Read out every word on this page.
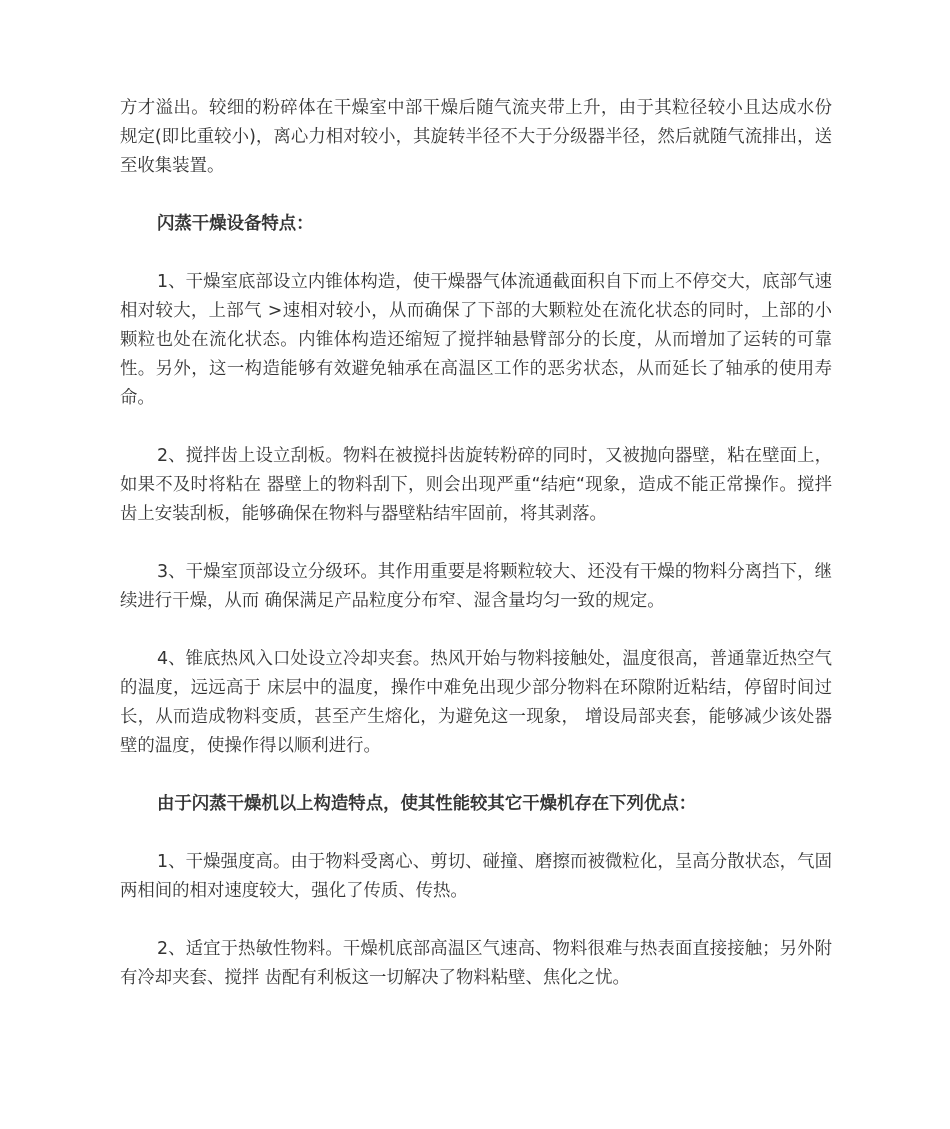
方才溢出。较细的粉碎体在干燥室中部干燥后随气流夹带上升，由于其粒径较小且达成水份规定(即比重较小)，离心力相对较小，其旋转半径不大于分级器半径，然后就随气流排出，送至收集装置。

闪蒸干燥设备特点：

1、干燥室底部设立内锥体构造，使干燥器气体流通截面积自下而上不停交大，底部气速相对较大，上部气 >速相对较小，从而确保了下部的大颗粒处在流化状态的同时，上部的小颗粒也处在流化状态。内锥体构造还缩短了搅拌轴悬臂部分的长度，从而增加了运转的可靠性。另外，这一构造能够有效避免轴承在高温区工作的恶劣状态，从而延长了轴承的使用寿命。

2、搅拌齿上设立刮板。物料在被搅抖齿旋转粉碎的同时，又被抛向器壁，粘在壁面上，如果不及时将粘在 器壁上的物料刮下，则会出现严重“结疤“现象，造成不能正常操作。搅拌齿上安装刮板，能够确保在物料与器壁粘结牢固前，将其剥落。

3、干燥室顶部设立分级环。其作用重要是将颗粒较大、还没有干燥的物料分离挡下，继续进行干燥，从而 确保满足产品粒度分布窄、湿含量均匀一致的规定。

4、锥底热风入口处设立冷却夹套。热风开始与物料接触处，温度很高，普通靠近热空气的温度，远远高于 床层中的温度，操作中难免出现少部分物料在环隙附近粘结，停留时间过长，从而造成物料变质，甚至产生熔化，为避免这一现象， 增设局部夹套，能够减少该处器壁的温度，使操作得以顺利进行。

由于闪蒸干燥机以上构造特点，使其性能较其它干燥机存在下列优点：

1、干燥强度高。由于物料受离心、剪切、碰撞、磨擦而被微粒化，呈高分散状态，气固两相间的相对速度较大，强化了传质、传热。

2、适宜于热敏性物料。干燥机底部高温区气速高、物料很难与热表面直接接触；另外附有冷却夹套、搅拌 齿配有利板这一切解决了物料粘壁、焦化之忧。
